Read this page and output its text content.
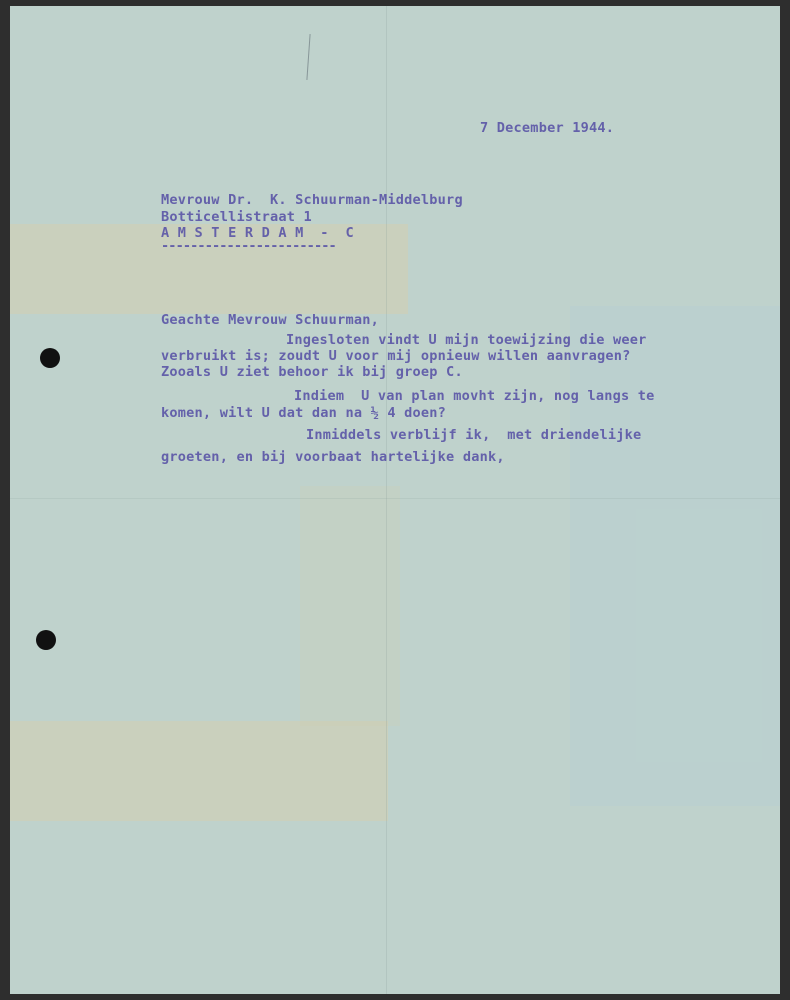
7 December 1944.
Mevrouw Dr.  K. Schuurman-Middelburg
Botticellistraat 1
A M S T E R D A M  -  C
------------------------
Geachte Mevrouw Schuurman,
Ingesloten vindt U mijn toewijzing die weer
verbruikt is; zoudt U voor mij opnieuw willen aanvragen?
Zooals U ziet behoor ik bij groep C.
Indiem  U van plan movht zijn, nog langs te
komen, wilt U dat dan na ½ 4 doen?
Inmiddels verblijf ik,  met driendelijke
groeten, en bij voorbaat hartelijke dank,
